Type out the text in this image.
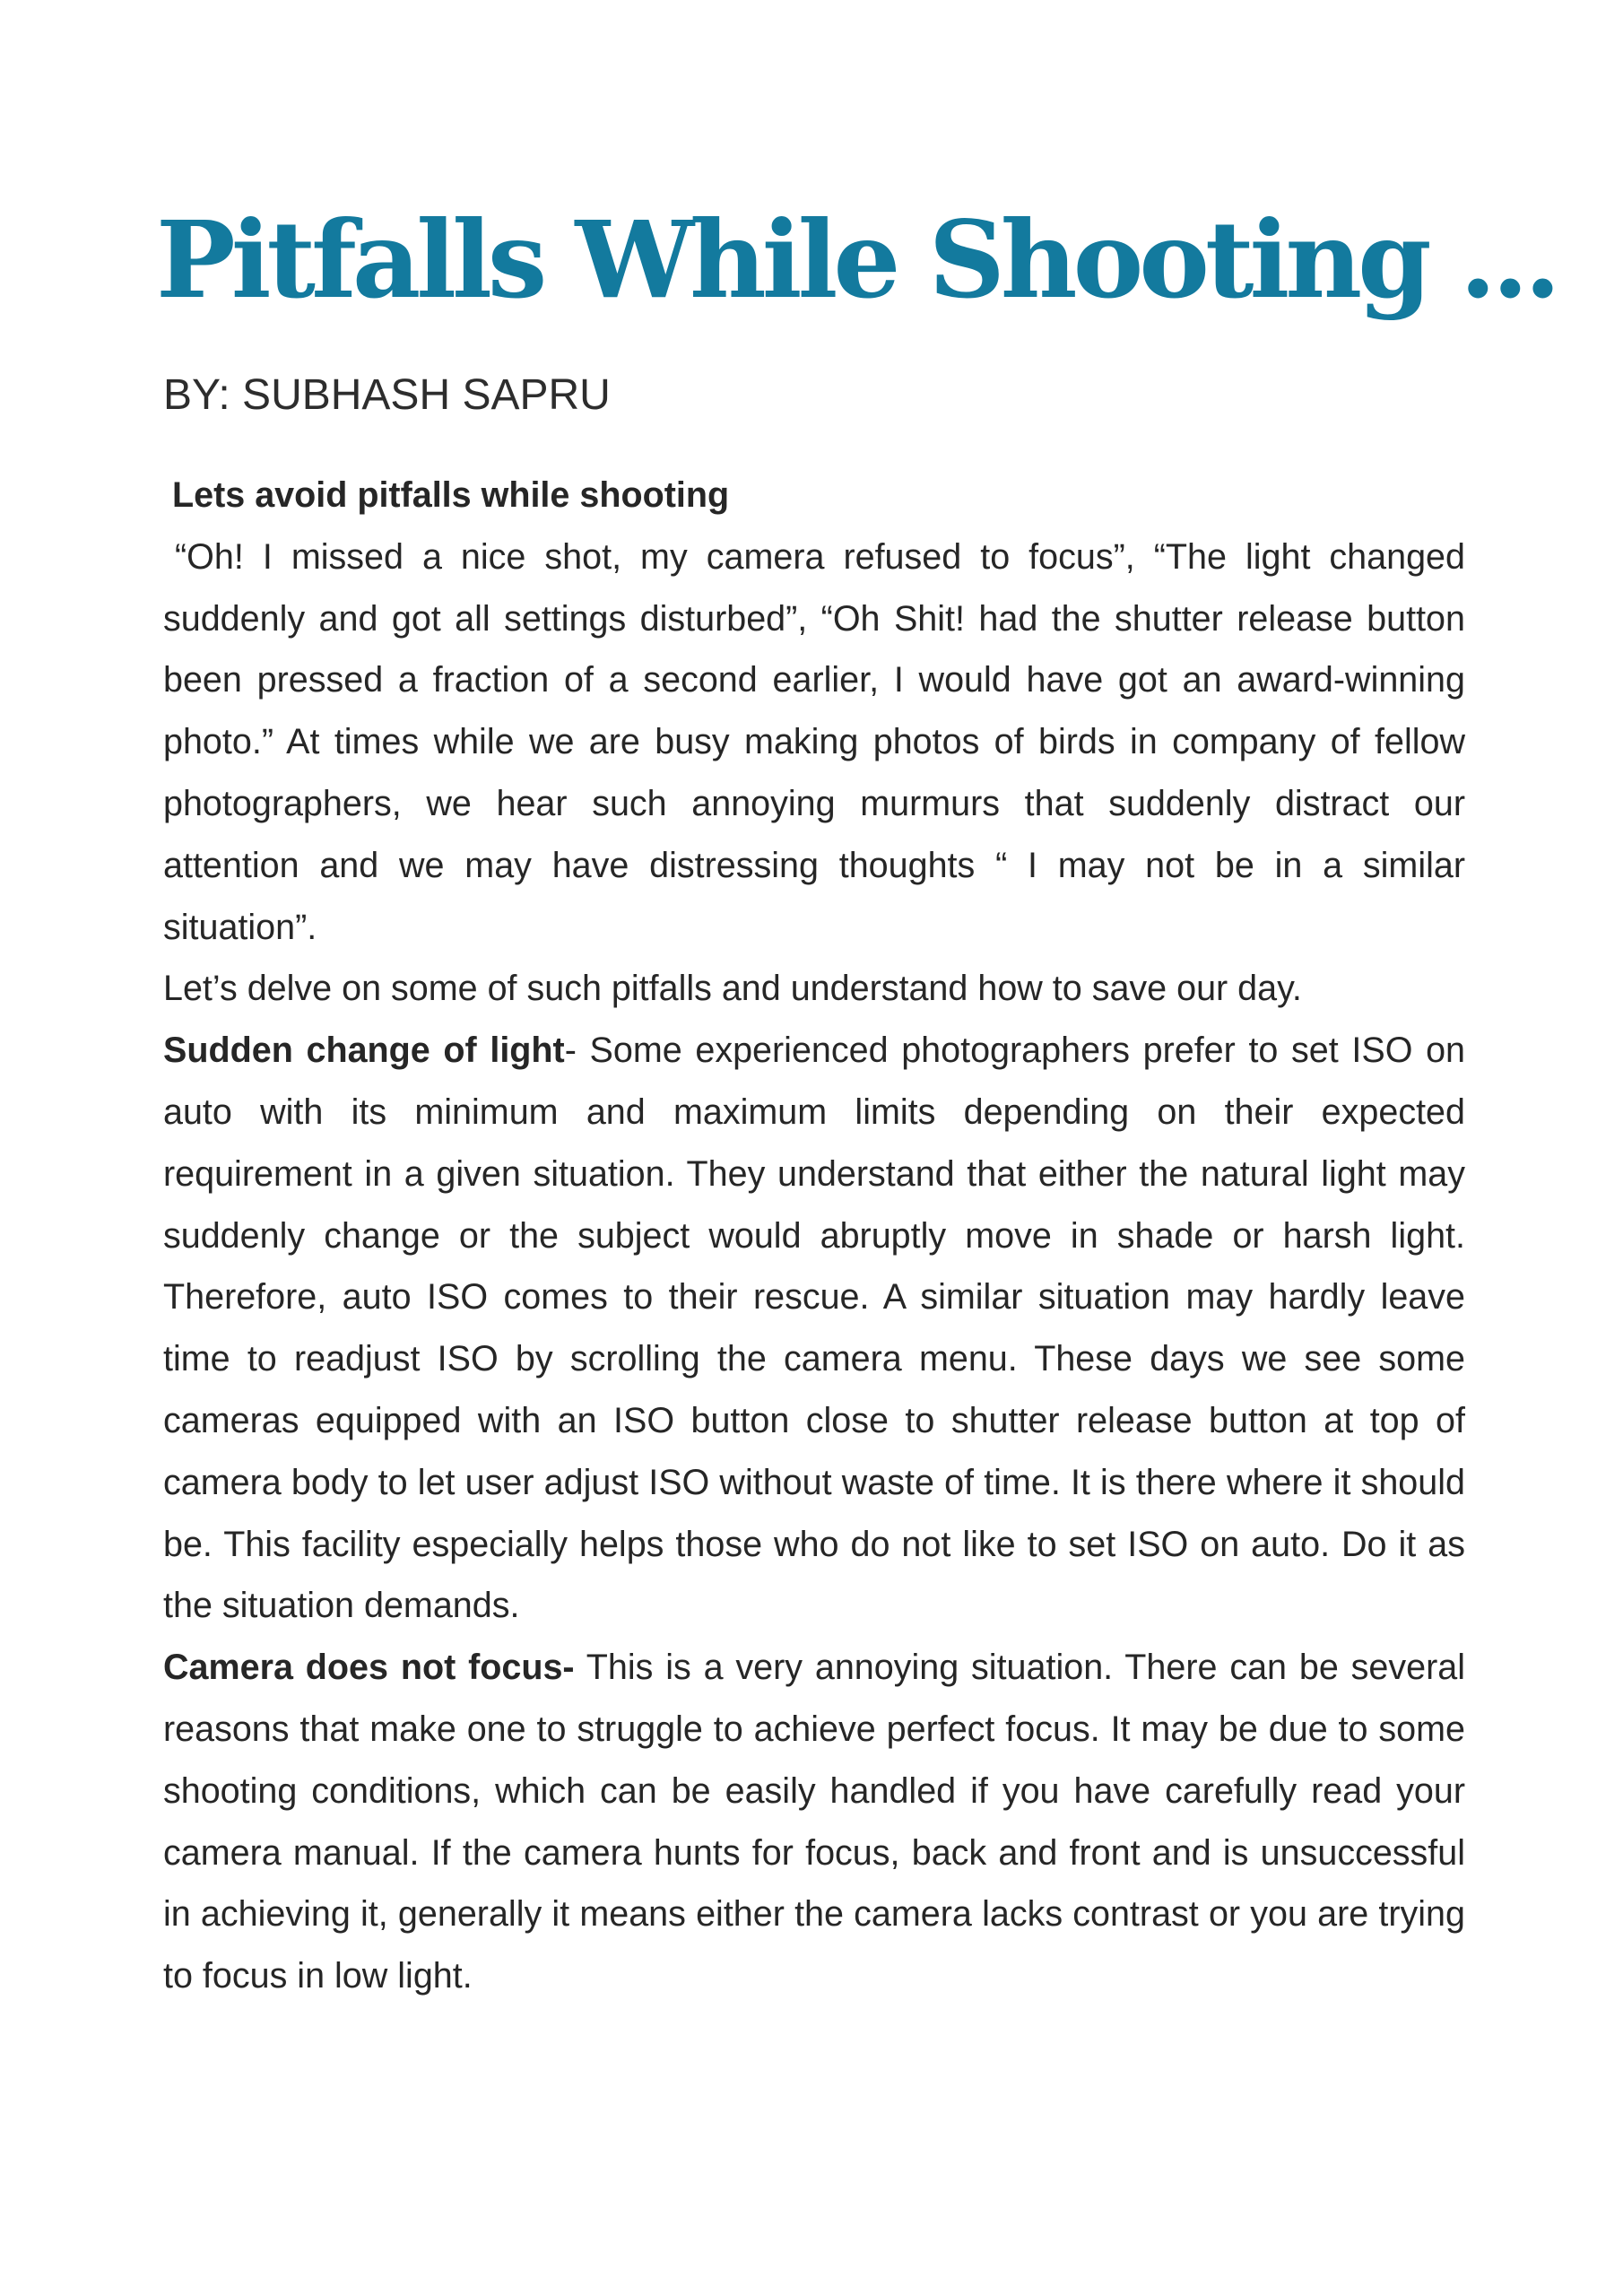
Pitfalls While Shooting ...
BY: SUBHASH SAPRU

Lets avoid pitfalls while shooting

“Oh! I missed a nice shot, my camera refused to focus”, “The light changed suddenly and got all settings disturbed”, “Oh Shit! had the shutter release button been pressed a fraction of a second earlier, I would have got an award-winning photo.” At times while we are busy making photos of birds in company of fellow photographers, we hear such annoying murmurs that suddenly distract our attention and we may have distressing thoughts “ I may not be in a similar situation”.

Let’s delve on some of such pitfalls and understand how to save our day.

Sudden change of light- Some experienced photographers prefer to set ISO on auto with its minimum and maximum limits depending on their expected requirement in a given situation. They understand that either the natural light may suddenly change or the subject would abruptly move in shade or harsh light. Therefore, auto ISO comes to their rescue. A similar situation may hardly leave time to readjust ISO by scrolling the camera menu. These days we see some cameras equipped with an ISO button close to shutter release button at top of camera body to let user adjust ISO without waste of time. It is there where it should be. This facility especially helps those who do not like to set ISO on auto. Do it as the situation demands.

Camera does not focus- This is a very annoying situation. There can be several reasons that make one to struggle to achieve perfect focus. It may be due to some shooting conditions, which can be easily handled if you have carefully read your camera manual. If the camera hunts for focus, back and front and is unsuccessful in achieving it, generally it means either the camera lacks contrast or you are trying to focus in low light.
